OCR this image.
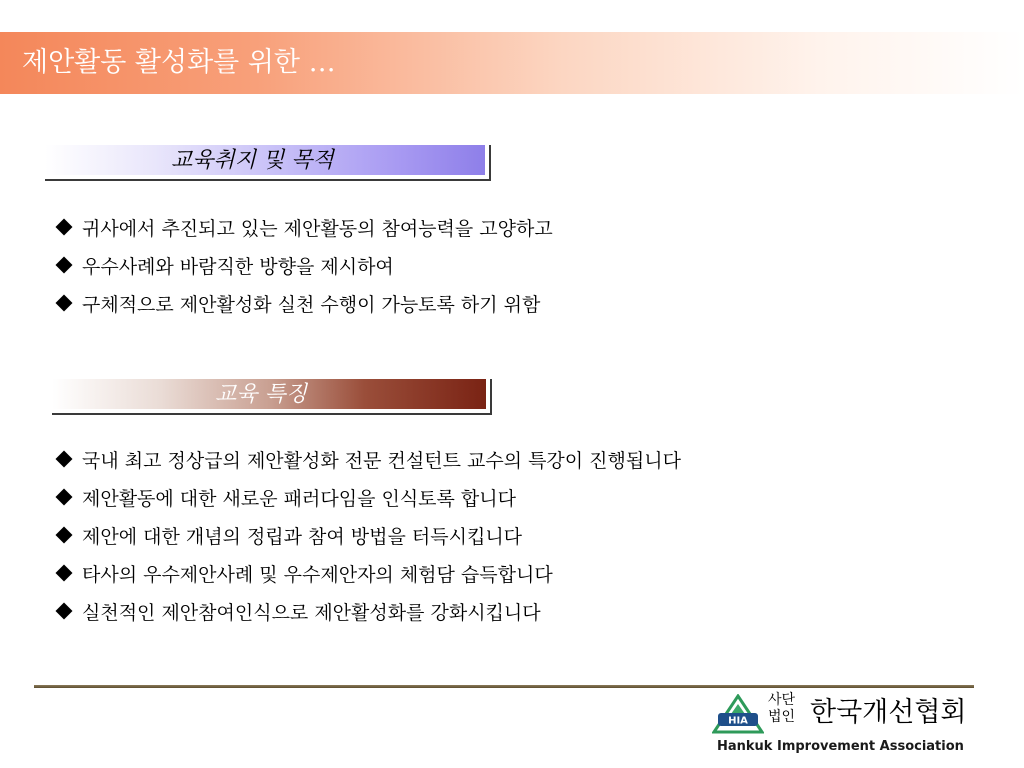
제안활동 활성화를 위한 …
교육취지 및 목적
귀사에서 추진되고 있는 제안활동의 참여능력을 고양하고
우수사례와 바람직한 방향을 제시하여
구체적으로 제안활성화 실천 수행이 가능토록 하기 위함
교육 특징
국내 최고 정상급의 제안활성화 전문 컨설턴트 교수의 특강이 진행됩니다
제안활동에 대한 새로운 패러다임을 인식토록 합니다
제안에 대한 개념의 정립과 참여 방법을 터득시킵니다
타사의 우수제안사례 및 우수제안자의 체험담 습득합니다
실천적인 제안참여인식으로 제안활성화를 강화시킵니다
HIA
사단
법인 한국개선협회
Hankuk Improvement Association
